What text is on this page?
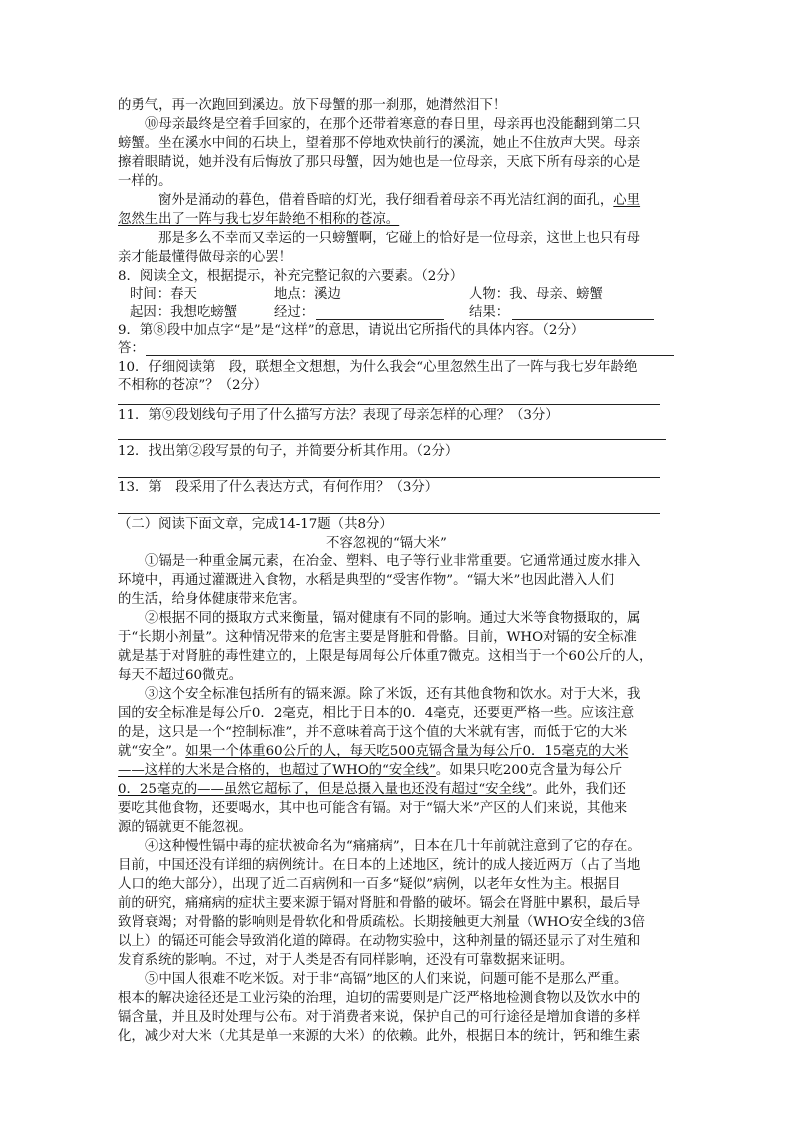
的勇气，再一次跑回到溪边。放下母蟹的那一刹那，她潸然泪下！
⑩母亲最终是空着手回家的，在那个还带着寒意的春日里，母亲再也没能翻到第二只
螃蟹。坐在溪水中间的石块上，望着那不停地欢快前行的溪流，她止不住放声大哭。母亲
擦着眼睛说，她并没有后悔放了那只母蟹，因为她也是一位母亲，天底下所有母亲的心是
一样的。
窗外是涌动的暮色，借着昏暗的灯光，我仔细看着母亲不再光洁红润的面孔，心里
忽然生出了一阵与我七岁年龄绝不相称的苍凉。
那是多么不幸而又幸运的一只螃蟹啊，它碰上的恰好是一位母亲，这世上也只有母
亲才能最懂得做母亲的心罢！
8．阅读全文，根据提示，补充完整记叙的六要素。（2分）
时间：春天	地点：溪边	人物：我、母亲、螃蟹
起因：我想吃螃蟹	经过：	结果：
9．第⑧段中加点字“是”是“这样”的意思，请说出它所指代的具体内容。（2分）
答：
10．仔细阅读第　段，联想全文想想，为什么我会“心里忽然生出了一阵与我七岁年龄绝
不相称的苍凉”？（2分）
11．第⑨段划线句子用了什么描写方法？表现了母亲怎样的心理？（3分）
12．找出第②段写景的句子，并简要分析其作用。（2分）
13．第　段采用了什么表达方式，有何作用？（3分）
（二）阅读下面文章，完成14-17题（共8分）
不容忽视的“镉大米”
①镉是一种重金属元素，在冶金、塑料、电子等行业非常重要。它通常通过废水排入
环境中，再通过灌溉进入食物，水稻是典型的“受害作物”。“镉大米”也因此潜入人们
的生活，给身体健康带来危害。
②根据不同的摄取方式来衡量，镉对健康有不同的影响。通过大米等食物摄取的，属
于“长期小剂量”。这种情况带来的危害主要是肾脏和骨骼。目前，WHO对镉的安全标准
就是基于对肾脏的毒性建立的，上限是每周每公斤体重7微克。这相当于一个60公斤的人，
每天不超过60微克。
③这个安全标准包括所有的镉来源。除了米饭，还有其他食物和饮水。对于大米，我
国的安全标准是每公斤0．2毫克，相比于日本的0．4毫克，还要更严格一些。应该注意
的是，这只是一个“控制标准”，并不意味着高于这个值的大米就有害，而低于它的大米
就“安全”。如果一个体重60公斤的人，每天吃500克镉含量为每公斤0．15毫克的大米
——这样的大米是合格的，也超过了WHO的“安全线”。如果只吃200克含量为每公斤
0．25毫克的——虽然它超标了，但是总摄入量也还没有超过“安全线”。此外，我们还
要吃其他食物，还要喝水，其中也可能含有镉。对于“镉大米”产区的人们来说，其他来
源的镉就更不能忽视。
④这种慢性镉中毒的症状被命名为“痛痛病”，日本在几十年前就注意到了它的存在。
目前，中国还没有详细的病例统计。在日本的上述地区，统计的成人接近两万（占了当地
人口的绝大部分），出现了近二百病例和一百多“疑似”病例，以老年女性为主。根据目
前的研究，痛痛病的症状主要来源于镉对肾脏和骨骼的破坏。镉会在肾脏中累积，最后导
致肾衰竭；对骨骼的影响则是骨软化和骨质疏松。长期接触更大剂量（WHO安全线的3倍
以上）的镉还可能会导致消化道的障碍。在动物实验中，这种剂量的镉还显示了对生殖和
发育系统的影响。不过，对于人类是否有同样影响，还没有可靠数据来证明。
⑤中国人很难不吃米饭。对于非“高镉”地区的人们来说，问题可能不是那么严重。
根本的解决途径还是工业污染的治理，迫切的需要则是广泛严格地检测食物以及饮水中的
镉含量，并且及时处理与公布。对于消费者来说，保护自己的可行途径是增加食谱的多样
化，减少对大米（尤其是单一来源的大米）的依赖。此外，根据日本的统计，钙和维生素
